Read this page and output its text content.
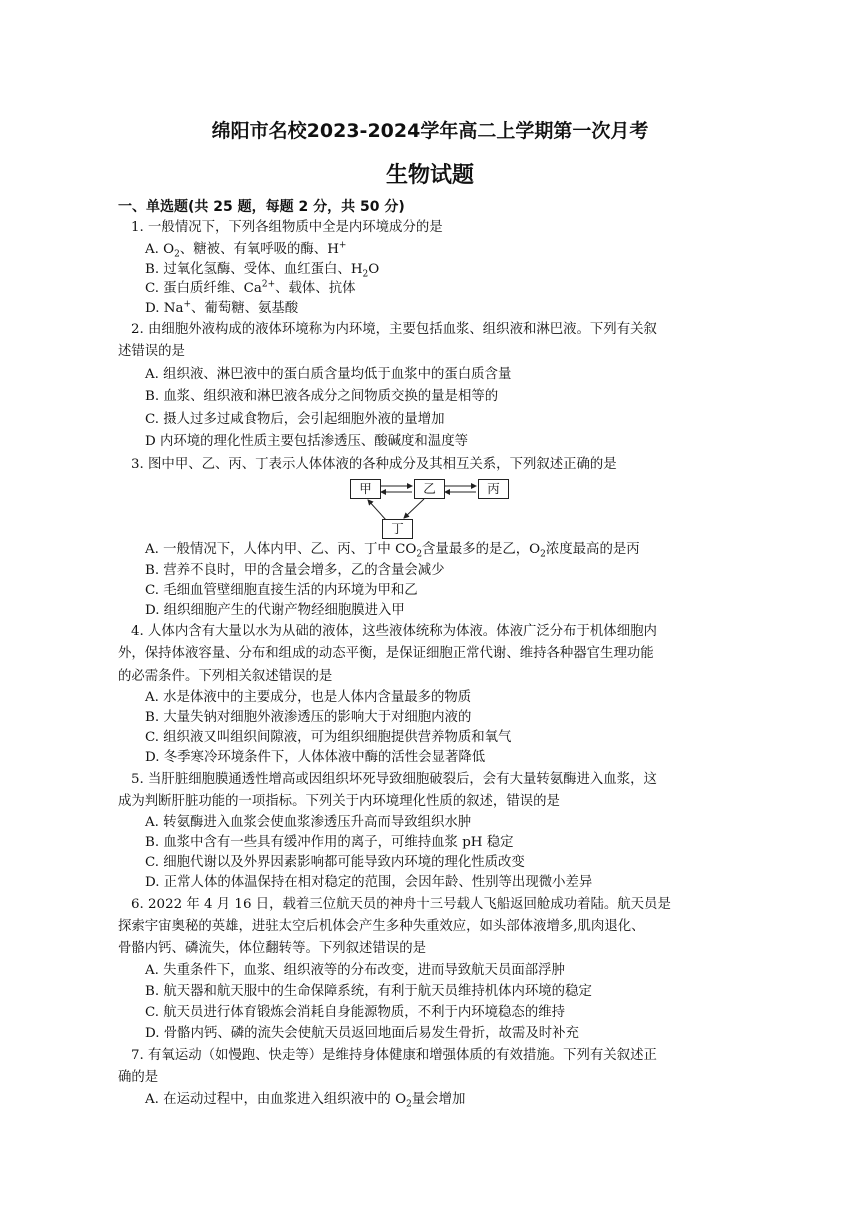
绵阳市名校2023-2024学年高二上学期第一次月考
生物试题
一、单选题(共 25 题，每题 2 分，共 50 分)
1. 一般情况下，下列各组物质中全是内环境成分的是
A. $O_2$、糖被、有氧呼吸的酶、H+
B. 过氧化氢酶、受体、血红蛋白、$H_2O$
C. 蛋白质纤维、$Ca^{2+}$、载体、抗体
D. Na+、葡萄糖、氨基酸
2. 由细胞外液构成的液体环境称为内环境，主要包括血浆、组织液和淋巴液。下列有关叙
述错误的是
A. 组织液、淋巴液中的蛋白质含量均低于血浆中的蛋白质含量
B. 血浆、组织液和淋巴液各成分之间物质交换的量是相等的
C. 摄人过多过咸食物后，会引起细胞外液的量增加
D 内环境的理化性质主要包括渗透压、酸碱度和温度等
3. 图中甲、乙、丙、丁表示人体体液的各种成分及其相互关系，下列叙述正确的是
甲	乙	丙
丁
A. 一般情况下，人体内甲、乙、丙、丁中 $CO_2$含量最多的是乙，$O_2$浓度最高的是丙
B. 营养不良时，甲的含量会增多，乙的含量会减少
C. 毛细血管壁细胞直接生活的内环境为甲和乙
D. 组织细胞产生的代谢产物经细胞膜进入甲
4. 人体内含有大量以水为从础的液体，这些液体统称为体液。体液广泛分布于机体细胞内
外，保持体液容量、分布和组成的动态平衡，是保证细胞正常代谢、维持各种器官生理功能
的必需条件。下列相关叙述错误的是
A. 水是体液中的主要成分，也是人体内含量最多的物质
B. 大量失钠对细胞外液渗透压的影响大于对细胞内液的
C. 组织液又叫组织间隙液，可为组织细胞提供营养物质和氧气
D. 冬季寒冷环境条件下，人体体液中酶的活性会显著降低
5. 当肝脏细胞膜通透性增高或因组织坏死导致细胞破裂后，会有大量转氨酶进入血浆，这
成为判断肝脏功能的一项指标。下列关于内环境理化性质的叙述，错误的是
A. 转氨酶进入血浆会使血浆渗透压升高而导致组织水肿
B. 血浆中含有一些具有缓冲作用的离子，可维持血浆 pH 稳定
C. 细胞代谢以及外界因素影响都可能导致内环境的理化性质改变
D. 正常人体的体温保持在相对稳定的范围，会因年龄、性别等出现微小差异
6. 2022 年 4 月 16 日，载着三位航天员的神舟十三号载人飞船返回舱成功着陆。航天员是
探索宇宙奥秘的英雄，进驻太空后机体会产生多种失重效应，如头部体液增多,肌肉退化、
骨骼内钙、磷流失，体位翻转等。下列叙述错误的是
A. 失重条件下，血浆、组织液等的分布改变，进而导致航天员面部浮肿
B. 航天器和航天服中的生命保障系统，有利于航天员维持机体内环境的稳定
C. 航天员进行体育锻炼会消耗自身能源物质，不利于内环境稳态的维持
D. 骨骼内钙、磷的流失会使航天员返回地面后易发生骨折，故需及时补充
7. 有氧运动（如慢跑、快走等）是维持身体健康和增强体质的有效措施。下列有关叙述正
确的是
A. 在运动过程中，由血浆进入组织液中的 $O_2$量会增加
